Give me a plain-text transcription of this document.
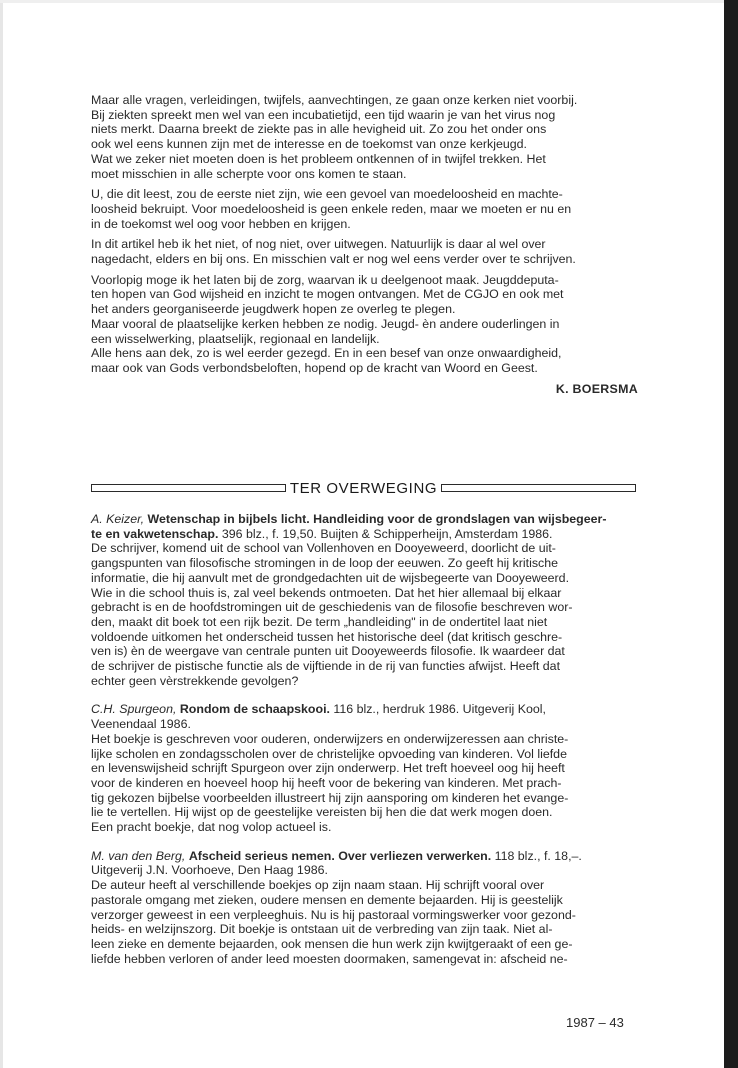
Maar alle vragen, verleidingen, twijfels, aanvechtingen, ze gaan onze kerken niet voorbij.
Bij ziekten spreekt men wel van een incubatietijd, een tijd waarin je van het virus nog
niets merkt. Daarna breekt de ziekte pas in alle hevigheid uit. Zo zou het onder ons
ook wel eens kunnen zijn met de interesse en de toekomst van onze kerkjeugd.
Wat we zeker niet moeten doen is het probleem ontkennen of in twijfel trekken. Het
moet misschien in alle scherpte voor ons komen te staan.

U, die dit leest, zou de eerste niet zijn, wie een gevoel van moedeloosheid en machte-
loosheid bekruipt. Voor moedeloosheid is geen enkele reden, maar we moeten er nu en
in de toekomst wel oog voor hebben en krijgen.

In dit artikel heb ik het niet, of nog niet, over uitwegen. Natuurlijk is daar al wel over
nagedacht, elders en bij ons. En misschien valt er nog wel eens verder over te schrijven.

Voorlopig moge ik het laten bij de zorg, waarvan ik u deelgenoot maak. Jeugddeputa-
ten hopen van God wijsheid en inzicht te mogen ontvangen. Met de CGJO en ook met
het anders georganiseerde jeugdwerk hopen ze overleg te plegen.
Maar vooral de plaatselijke kerken hebben ze nodig. Jeugd- èn andere ouderlingen in
een wisselwerking, plaatselijk, regionaal en landelijk.
Alle hens aan dek, zo is wel eerder gezegd. En in een besef van onze onwaardigheid,
maar ook van Gods verbondsbeloften, hopend op de kracht van Woord en Geest.

K. BOERSMA

TER OVERWEGING
A. Keizer, Wetenschap in bijbels licht. Handleiding voor de grondslagen van wijsbegeer-
te en vakwetenschap. 396 blz., f. 19,50. Buijten & Schipperheijn, Amsterdam 1986.
De schrijver, komend uit de school van Vollenhoven en Dooyeweerd, doorlicht de uit-
gangspunten van filosofische stromingen in de loop der eeuwen. Zo geeft hij kritische
informatie, die hij aanvult met de grondgedachten uit de wijsbegeerte van Dooyeweerd.
Wie in die school thuis is, zal veel bekends ontmoeten. Dat het hier allemaal bij elkaar
gebracht is en de hoofdstromingen uit de geschiedenis van de filosofie beschreven wor-
den, maakt dit boek tot een rijk bezit. De term „handleiding" in de ondertitel laat niet
voldoende uitkomen het onderscheid tussen het historische deel (dat kritisch geschre-
ven is) èn de weergave van centrale punten uit Dooyeweerds filosofie. Ik waardeer dat
de schrijver de pistische functie als de vijftiende in de rij van functies afwijst. Heeft dat
echter geen vèrstrekkende gevolgen?
C.H. Spurgeon, Rondom de schaapskooi. 116 blz., herdruk 1986. Uitgeverij Kool,
Veenendaal 1986.
Het boekje is geschreven voor ouderen, onderwijzers en onderwijzeressen aan christe-
lijke scholen en zondagsscholen over de christelijke opvoeding van kinderen. Vol liefde
en levenswijsheid schrijft Spurgeon over zijn onderwerp. Het treft hoeveel oog hij heeft
voor de kinderen en hoeveel hoop hij heeft voor de bekering van kinderen. Met prach-
tig gekozen bijbelse voorbeelden illustreert hij zijn aansporing om kinderen het evange-
lie te vertellen. Hij wijst op de geestelijke vereisten bij hen die dat werk mogen doen.
Een pracht boekje, dat nog volop actueel is.
M. van den Berg, Afscheid serieus nemen. Over verliezen verwerken. 118 blz., f. 18,–.
Uitgeverij J.N. Voorhoeve, Den Haag 1986.
De auteur heeft al verschillende boekjes op zijn naam staan. Hij schrijft vooral over
pastorale omgang met zieken, oudere mensen en demente bejaarden. Hij is geestelijk
verzorger geweest in een verpleeghuis. Nu is hij pastoraal vormingswerker voor gezond-
heids- en welzijnszorg. Dit boekje is ontstaan uit de verbreding van zijn taak. Niet al-
leen zieke en demente bejaarden, ook mensen die hun werk zijn kwijtgeraakt of een ge-
liefde hebben verloren of ander leed moesten doormaken, samengevat in: afscheid ne-
1987 – 43
